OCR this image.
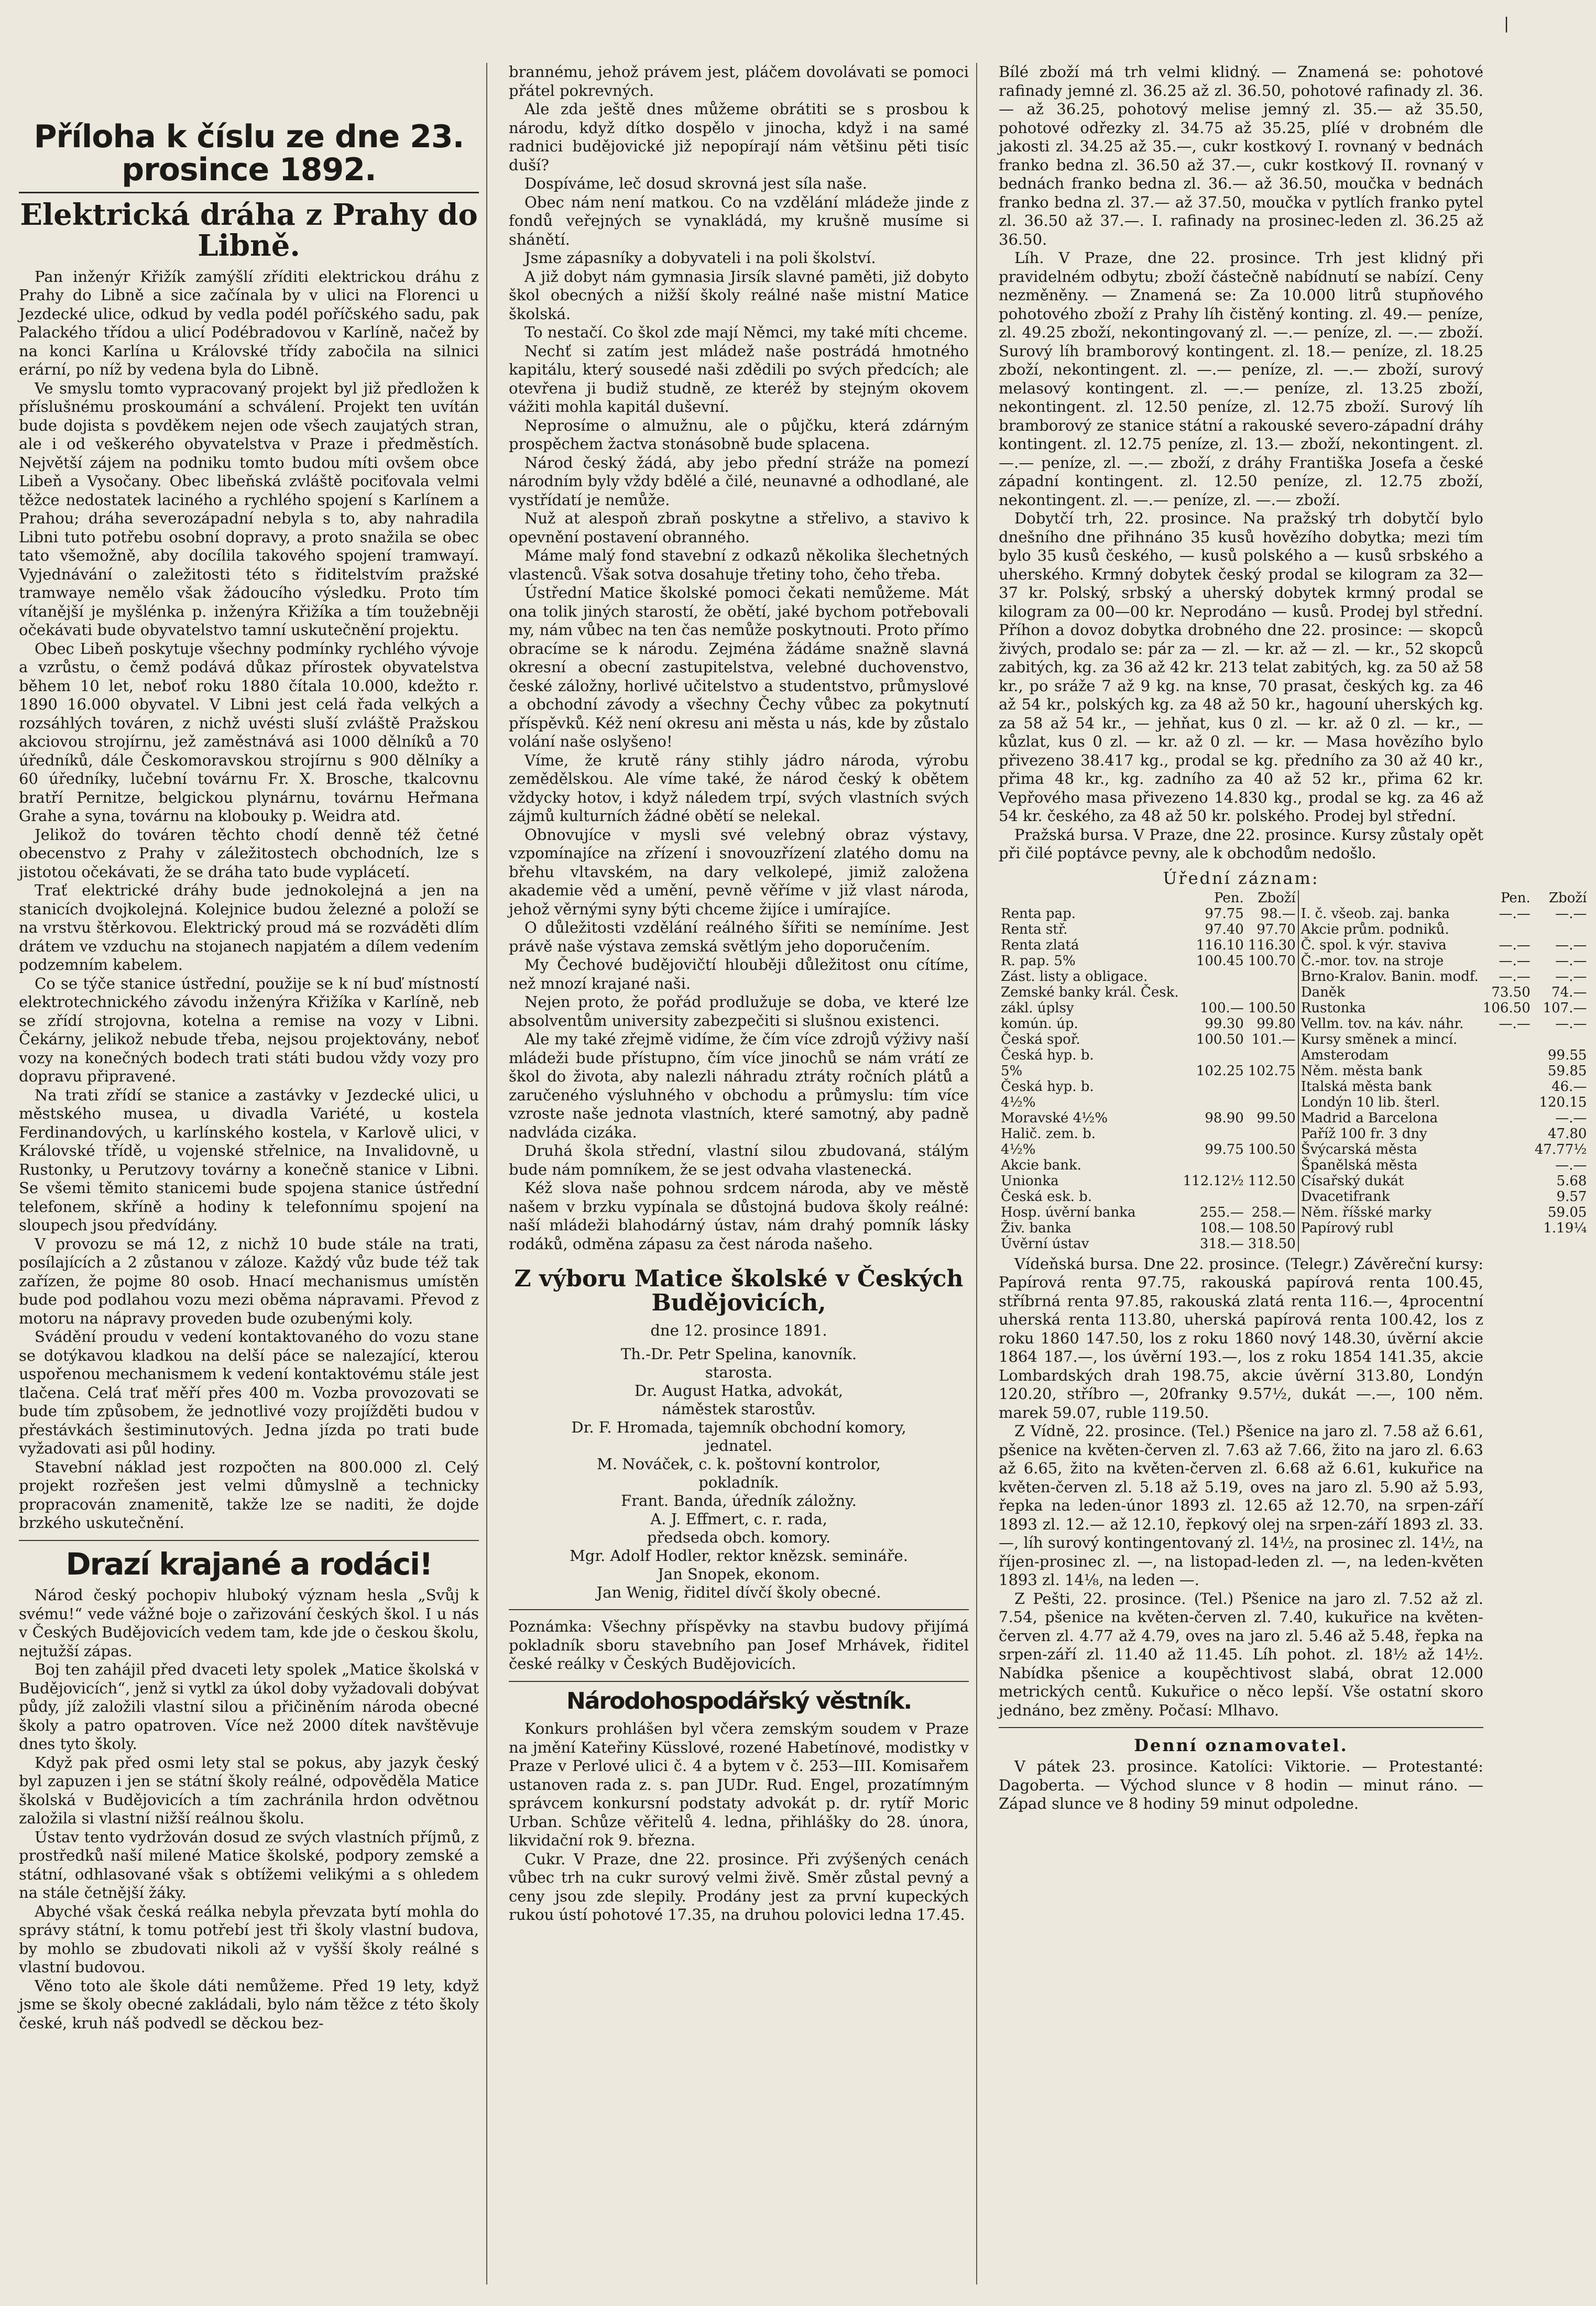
|
Příloha k číslu ze dne 23. prosince 1892.
Elektrická dráha z Prahy do Libně.

Pan inženýr Křižík zamýšlí zříditi elektrickou dráhu z Prahy do Libně a sice začínala by v ulici na Florenci u Jezdecké ulice, odkud by vedla podél poříčského sadu, pak Palackého třídou a ulicí Podébradovou v Karlíně, načež by na konci Karlína u Královské třídy zabočila na silnici erární, po níž by vedena byla do Libně.

Ve smyslu tomto vypracovaný projekt byl již předložen k příslušnému proskoumání a schválení. Projekt ten uvítán bude dojista s povděkem nejen ode všech zaujatých stran, ale i od veškerého obyvatelstva v Praze i předměstích. Největší zájem na podniku tomto budou míti ovšem obce Libeň a Vysočany. Obec libeňská zvláště pociťovala velmi těžce nedostatek laciného a rychlého spojení s Karlínem a Prahou; dráha severozápadní nebyla s to, aby nahradila Libni tuto potřebu osobní dopravy, a proto snažila se obec tato všemožně, aby docílila takového spojení tramwayí. Vyjednávání o zaležitosti této s řiditelstvím pražské tramwaye nemělo však žádoucího výsledku. Proto tím vítanější je myšlénka p. inženýra Křižíka a tím toužebněji očekávati bude obyvatelstvo tamní uskutečnění projektu.

Obec Libeň poskytuje všechny podmínky rychlého vývoje a vzrůstu, o čemž podává důkaz přírostek obyvatelstva během 10 let, neboť roku 1880 čítala 10.000, kdežto r. 1890 16.000 obyvatel. V Libni jest celá řada velkých a rozsáhlých továren, z nichž uvésti sluší zvláště Pražskou akciovou strojírnu, jež zaměstnává asi 1000 dělníků a 70 úředníků, dále Českomoravskou strojírnu s 900 dělníky a 60 úředníky, lučební továrnu Fr. X. Brosche, tkalcovnu bratří Pernitze, belgickou plynárnu, továrnu Heřmana Grahe a syna, továrnu na klobouky p. Weidra atd.

Jelikož do továren těchto chodí denně též četné obecenstvo z Prahy v záležitostech obchodních, lze s jistotou očekávati, že se dráha tato bude vyplácetí.

Trať elektrické dráhy bude jednokolejná a jen na stanicích dvojkolejná. Kolejnice budou železné a položí se na vrstvu štěrkovou. Elektrický proud má se rozváděti dlím drátem ve vzduchu na stojanech napjatém a dílem vedením podzemním kabelem.

Co se týče stanice ústřední, použije se k ní buď místností elektrotechnického závodu inženýra Křižíka v Karlíně, neb se zřídí strojovna, kotelna a remise na vozy v Libni. Čekárny, jelikož nebude třeba, nejsou projektovány, neboť vozy na konečných bodech trati státi budou vždy vozy pro dopravu připravené.

Na trati zřídí se stanice a zastávky v Jezdecké ulici, u městského musea, u divadla Variété, u kostela Ferdinandových, u karlínského kostela, v Karlově ulici, v Královské třídě, u vojenské střelnice, na Invalidovně, u Rustonky, u Perutzovy továrny a konečně stanice v Libni. Se všemi těmito stanicemi bude spojena stanice ústřední telefonem, skříně a hodiny k telefonnímu spojení na sloupech jsou předvídány.

V provozu se má 12, z nichž 10 bude stále na trati, posílajících a 2 zůstanou v záloze. Každý vůz bude též tak zařízen, že pojme 80 osob. Hnací mechanismus umístěn bude pod podlahou vozu mezi oběma nápravami. Převod z motoru na nápravy proveden bude ozubenými koly.

Svádění proudu v vedení kontaktovaného do vozu stane se dotýkavou kladkou na delší páce se nalezající, kterou uspořenou mechanismem k vedení kontaktovému stále jest tlačena. Celá trať měří přes 400 m. Vozba provozovati se bude tím způsobem, že jednotlivé vozy projížděti budou v přestávkách šestiminutových. Jedna jízda po trati bude vyžadovati asi půl hodiny.

Stavební náklad jest rozpočten na 800.000 zl. Celý projekt rozřešen jest velmi důmyslně a technicky propracován znamenitě, takže lze se naditi, že dojde brzkého uskutečnění.

Drazí krajané a rodáci!

Národ český pochopiv hluboký význam hesla „Svůj k svému!“ vede vážné boje o zařizování českých škol. I u nás v Českých Budějovicích vedem tam, kde jde o českou školu, nejtužší zápas.

Boj ten zahájil před dvaceti lety spolek „Matice školská v Budějovicích“, jenž si vytkl za úkol doby vyžadovali dobývat půdy, jíž založili vlastní silou a přičiněním národa obecné školy a patro opatroven. Více než 2000 dítek navštěvuje dnes tyto školy.

Když pak před osmi lety stal se pokus, aby jazyk český byl zapuzen i jen se státní školy reálné, odpověděla Matice školská v Budějovicích a tím zachránila hrdon odvětnou založila si vlastní nižší reálnou školu.

Ústav tento vydržován dosud ze svých vlastních příjmů, z prostředků naší milené Matice školské, podpory zemské a státní, odhlasované však s obtížemi velikými a s ohledem na stále četnější žáky.

Abyché však česká reálka nebyla převzata bytí mohla do správy státní, k tomu potřebí jest tři školy vlastní budova, by mohlo se zbudovati nikoli až v vyšší školy reálné s vlastní budovou.

Věno toto ale škole dáti nemůžeme. Před 19 lety, když jsme se školy obecné zakládali, bylo nám těžce z této školy české, kruh náš podvedl se děckou bez-

brannému, jehož právem jest, pláčem dovolávati se pomoci přátel pokrevných.

Ale zda ještě dnes můžeme obrátiti se s prosbou k národu, když dítko dospělo v jinocha, když i na samé radnici budějovické již nepopírají nám většinu pěti tisíc duší?

Dospíváme, leč dosud skrovná jest síla naše.

Obec nám není matkou. Co na vzdělání mládeže jinde z fondů veřejných se vynakládá, my krušně musíme si shánětí.

Jsme zápasníky a dobyvateli i na poli školství.

A již dobyt nám gymnasia Jirsík slavné paměti, již dobyto škol obecných a nižší školy reálné naše mistní Matice školská.

To nestačí. Co škol zde mají Němci, my také míti chceme.

Nechť si zatím jest mládež naše postrádá hmotného kapitálu, který sousedé naši zdědili po svých předcích; ale otevřena ji budiž studně, ze kteréž by stejným okovem vážiti mohla kapitál duševní.

Neprosíme o almužnu, ale o půjčku, která zdárným prospěchem žactva stonásobně bude splacena.

Národ český žádá, aby jebo přední stráže na pomezí národním byly vždy bdělé a čilé, neunavné a odhodlané, ale vystřídatí je nemůže.

Nuž at alespoň zbraň poskytne a střelivo, a stavivo k opevnění postavení obranného.

Máme malý fond stavební z odkazů několika šlechetných vlastenců. Však sotva dosahuje třetiny toho, čeho třeba.

Ústřední Matice školské pomoci čekati nemůžeme. Mát ona tolik jiných starostí, že obětí, jaké bychom potřebovali my, nám vůbec na ten čas nemůže poskytnouti. Proto přímo obracíme se k národu. Zejména žádáme snažně slavná okresní a obecní zastupitelstva, velebné duchovenstvo, české záložny, horlivé učitelstvo a studentstvo, průmyslové a obchodní závody a všechny Čechy vůbec za pokytnutí příspěvků. Kéž není okresu ani města u nás, kde by zůstalo volání naše oslyšeno!

Víme, že krutě rány stihly jádro národa, výrobu zemědělskou. Ale víme také, že národ český k obětem vždycky hotov, i když náledem trpí, svých vlastních svých zájmů kulturních žádné obětí se nelekal.

Obnovujíce v mysli své velebný obraz výstavy, vzpomínajíce na zřízení i snovouzřízení zlatého domu na břehu vltavském, na dary velkolepé, jimiž založena akademie věd a umění, pevně věříme v již vlast národa, jehož věrnými syny býti chceme žijíce i umírajíce.

O důležitosti vzdělání reálného šířiti se nemíníme. Jest právě naše výstava zemská světlým jeho doporučením.

My Čechové budějovičtí hlouběji důležitost onu cítíme, než mnozí krajané naši.

Nejen proto, že pořád prodlužuje se doba, ve které lze absolventům university zabezpečiti si slušnou existenci.

Ale my také zřejmě vidíme, že čím více zdrojů výživy naší mládeži bude přístupno, čím více jinochů se nám vrátí ze škol do života, aby nalezli náhradu ztráty ročních plátů a zaručeného výsluhného v obchodu a průmyslu: tím více vzroste naše jednota vlastních, které samotný, aby padně nadvláda cizáka.

Druhá škola střední, vlastní silou zbudovaná, stálým bude nám pomníkem, že se jest odvaha vlastenecká.

Kéž slova naše pohnou srdcem národa, aby ve městě našem v brzku vypínala se důstojná budova školy reálné: naší mládeži blahodárný ústav, nám drahý pomník lásky rodáků, odměna zápasu za čest národa našeho.

Z výboru Matice školské v Českých Budějovicích,
dne 12. prosince 1891.
Th.-Dr. Petr Spelina, kanovník.
starosta.
Dr. August Hatka, advokát,
náměstek starostův.
Dr. F. Hromada, tajemník obchodní komory,
jednatel.
M. Nováček, c. k. poštovní kontrolor,
pokladník.
Frant. Banda, úředník záložny.
A. J. Effmert, c. r. rada,
předseda obch. komory.
Mgr. Adolf Hodler, rektor knězsk. semináře.
Jan Snopek, ekonom.
Jan Wenig, řiditel dívčí školy obecné.

Poznámka: Všechny příspěvky na stavbu budovy přijímá pokladník sboru stavebního pan Josef Mrhávek, řiditel české reálky v Českých Budějovicích.

Národohospodářský věstník.

Konkurs prohlášen byl včera zemským soudem v Praze na jmění Kateřiny Küsslové, rozené Habetínové, modistky v Praze v Perlové ulici č. 4 a bytem v č. 253—III. Komisařem ustanoven rada z. s. pan JUDr. Rud. Engel, prozatímným správcem konkursní podstaty advokát p. dr. rytíř Moric Urban. Schůze věřitelů 4. ledna, přihlášky do 28. února, likvidační rok 9. března.

Cukr. V Praze, dne 22. prosince. Při zvýšených cenách vůbec trh na cukr surový velmi živě. Směr zůstal pevný a ceny jsou zde slepily. Prodány jest za první kupeckých rukou ústí pohotové 17.35, na druhou polovici ledna 17.45.

Bílé zboží má trh velmi klidný. — Znamená se: pohotové rafinady jemné zl. 36.25 až zl. 36.50, pohotové rafinady zl. 36.— až 36.25, pohotový melise jemný zl. 35.— až 35.50, pohotové odřezky zl. 34.75 až 35.25, plíé v drobném dle jakosti zl. 34.25 až 35.—, cukr kostkový I. rovnaný v bednách franko bedna zl. 36.50 až 37.—, cukr kostkový II. rovnaný v bednách franko bedna zl. 36.— až 36.50, moučka v bednách franko bedna zl. 37.— až 37.50, moučka v pytlích franko pytel zl. 36.50 až 37.—. I. rafinady na prosinec-leden zl. 36.25 až 36.50.

Líh. V Praze, dne 22. prosince. Trh jest klidný při pravidelném odbytu; zboží částečně nabídnutí se nabízí. Ceny nezměněny. — Znamená se: Za 10.000 litrů stupňového pohotového zboží z Prahy líh čistěný konting. zl. 49.— peníze, zl. 49.25 zboží, nekontingovaný zl. —.— peníze, zl. —.— zboží. Surový líh bramborový kontingent. zl. 18.— peníze, zl. 18.25 zboží, nekontingent. zl. —.— peníze, zl. —.— zboží, surový melasový kontingent. zl. —.— peníze, zl. 13.25 zboží, nekontingent. zl. 12.50 peníze, zl. 12.75 zboží. Surový líh bramborový ze stanice státní a rakouské severo-západní dráhy kontingent. zl. 12.75 peníze, zl. 13.— zboží, nekontingent. zl. —.— peníze, zl. —.— zboží, z dráhy Františka Josefa a české západní kontingent. zl. 12.50 peníze, zl. 12.75 zboží, nekontingent. zl. —.— peníze, zl. —.— zboží.

Dobytčí trh, 22. prosince. Na pražský trh dobytčí bylo dnešního dne přihnáno 35 kusů hovězího dobytka; mezi tím bylo 35 kusů českého, — kusů polského a — kusů srbského a uherského. Krmný dobytek český prodal se kilogram za 32—37 kr. Polský, srbský a uherský dobytek krmný prodal se kilogram za 00—00 kr. Neprodáno — kusů. Prodej byl střední. Příhon a dovoz dobytka drobného dne 22. prosince: — skopců živých, prodalo se: pár za — zl. — kr. až — zl. — kr., 52 skopců zabitých, kg. za 36 až 42 kr. 213 telat zabitých, kg. za 50 až 58 kr., po sráže 7 až 9 kg. na knse, 70 prasat, českých kg. za 46 až 54 kr., polských kg. za 48 až 50 kr., hagouní uherských kg. za 58 až 54 kr., — jehňat, kus 0 zl. — kr. až 0 zl. — kr., — kůzlat, kus 0 zl. — kr. až 0 zl. — kr. — Masa hovězího bylo přivezeno 38.417 kg., prodal se kg. předního za 30 až 40 kr., přima 48 kr., kg. zadního za 40 až 52 kr., přima 62 kr. Vepřového masa přivezeno 14.830 kg., prodal se kg. za 46 až 54 kr. českého, za 48 až 50 kr. polského. Prodej byl střední.

Pražská bursa. V Praze, dne 22. prosince. Kursy zůstaly opět při čilé poptávce pevny, ale k obchodům nedošlo.

Úřední záznam:
	Pen.	Zboží		Pen.	Zboží
Renta pap.	97.75	98.—	I. č. všeob. zaj. banka	—.—	—.—
Renta stř.	97.40	97.70	Akcie prům. podniků.		
Renta zlatá	116.10	116.30	Č. spol. k výr. staviva	—.—	—.—
R. pap. 5%	100.45	100.70	Č.-mor. tov. na stroje	—.—	—.—
Zást. listy a obligace.			Brno-Kralov. Banin. modf.	—.—	—.—
Zemské banky král. Česk.			Daněk	73.50	74.—
zákl. úplsy	100.—	100.50	Rustonka	106.50	107.—
komún. úp.	99.30	99.80	Vellm. tov. na káv. náhr.	—.—	—.—
Česká spoř.	100.50	101.—	Kursy směnek a mincí.		
Česká hyp. b.			Amsterodam		99.55
5%	102.25	102.75	Něm. města bank		59.85
Česká hyp. b.			Italská města bank		46.—
4½%			Londýn 10 lib. šterl.		120.15
Moravské 4½%	98.90	99.50	Madrid a Barcelona		—.—
Halič. zem. b.			Paříž 100 fr. 3 dny		47.80
4½%	99.75	100.50	Švýcarská města		47.77½
Akcie bank.			Španělská města		—.—
Unionka	112.12½	112.50	Císařský dukát		5.68
Česká esk. b.			Dvacetifrank		9.57
Hosp. úvěrní banka	255.—	258.—	Něm. říšské marky		59.05
Živ. banka	108.—	108.50	Papírový rubl		1.19¼
Úvěrní ústav	318.—	318.50			

Vídeňská bursa. Dne 22. prosince. (Telegr.) Závěreční kursy: Papírová renta 97.75, rakouská papírová renta 100.45, stříbrná renta 97.85, rakouská zlatá renta 116.—, 4procentní uherská renta 113.80, uherská papírová renta 100.42, los z roku 1860 147.50, los z roku 1860 nový 148.30, úvěrní akcie 1864 187.—, los úvěrní 193.—, los z roku 1854 141.35, akcie Lombardských drah 198.75, akcie úvěrní 313.80, Londýn 120.20, stříbro —, 20franky 9.57½, dukát —.—, 100 něm. marek 59.07, ruble 119.50.

Z Vídně, 22. prosince. (Tel.) Pšenice na jaro zl. 7.58 až 6.61, pšenice na květen-červen zl. 7.63 až 7.66, žito na jaro zl. 6.63 až 6.65, žito na květen-červen zl. 6.68 až 6.61, kukuřice na květen-červen zl. 5.18 až 5.19, oves na jaro zl. 5.90 až 5.93, řepka na leden-únor 1893 zl. 12.65 až 12.70, na srpen-září 1893 zl. 12.— až 12.10, řepkový olej na srpen-září 1893 zl. 33.—, líh surový kontingentovaný zl. 14½, na prosinec zl. 14½, na říjen-prosinec zl. —, na listopad-leden zl. —, na leden-květen 1893 zl. 14⅛, na leden —.

Z Pešti, 22. prosince. (Tel.) Pšenice na jaro zl. 7.52 až zl. 7.54, pšenice na květen-červen zl. 7.40, kukuřice na květen-červen zl. 4.77 až 4.79, oves na jaro zl. 5.46 až 5.48, řepka na srpen-září zl. 11.40 až 11.45. Líh pohot. zl. 18½ až 14½. Nabídka pšenice a koupěchtivost slabá, obrat 12.000 metrických centů. Kukuřice o něco lepší. Vše ostatní skoro jednáno, bez změny. Počasí: Mlhavo.

Denní oznamovatel.

V pátek 23. prosince. Katolíci: Viktorie. — Protestanté: Dagoberta. — Východ slunce v 8 hodin — minut ráno. — Západ slunce ve 8 hodiny 59 minut odpoledne.
